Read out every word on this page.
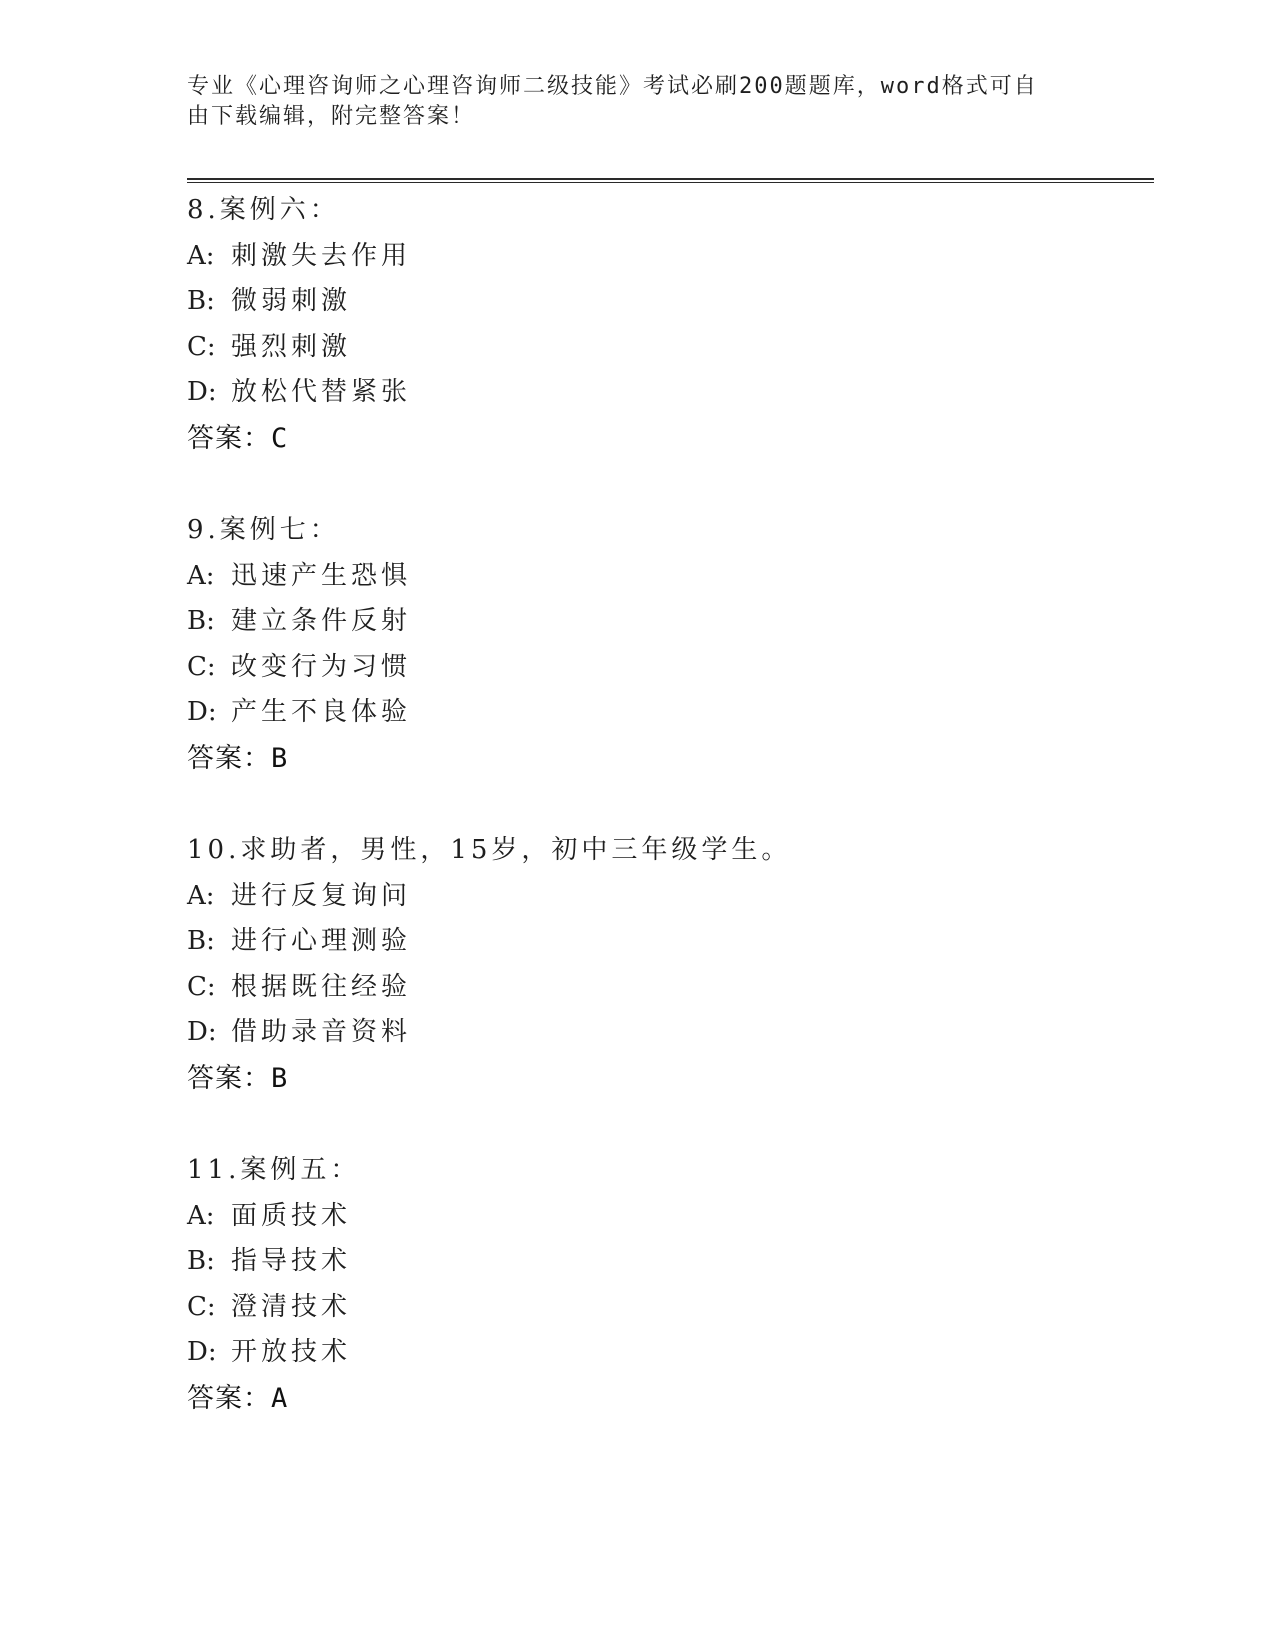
专业《心理咨询师之心理咨询师二级技能》考试必刷200题题库，word格式可自
由下载编辑，附完整答案！
8.案例六：
A: 刺激失去作用
B: 微弱刺激
C: 强烈刺激
D: 放松代替紧张
答案：C
9.案例七：
A: 迅速产生恐惧
B: 建立条件反射
C: 改变行为习惯
D: 产生不良体验
答案：B
10.求助者，男性，15岁，初中三年级学生。
A: 进行反复询问
B: 进行心理测验
C: 根据既往经验
D: 借助录音资料
答案：B
11.案例五：
A: 面质技术
B: 指导技术
C: 澄清技术
D: 开放技术
答案：A
